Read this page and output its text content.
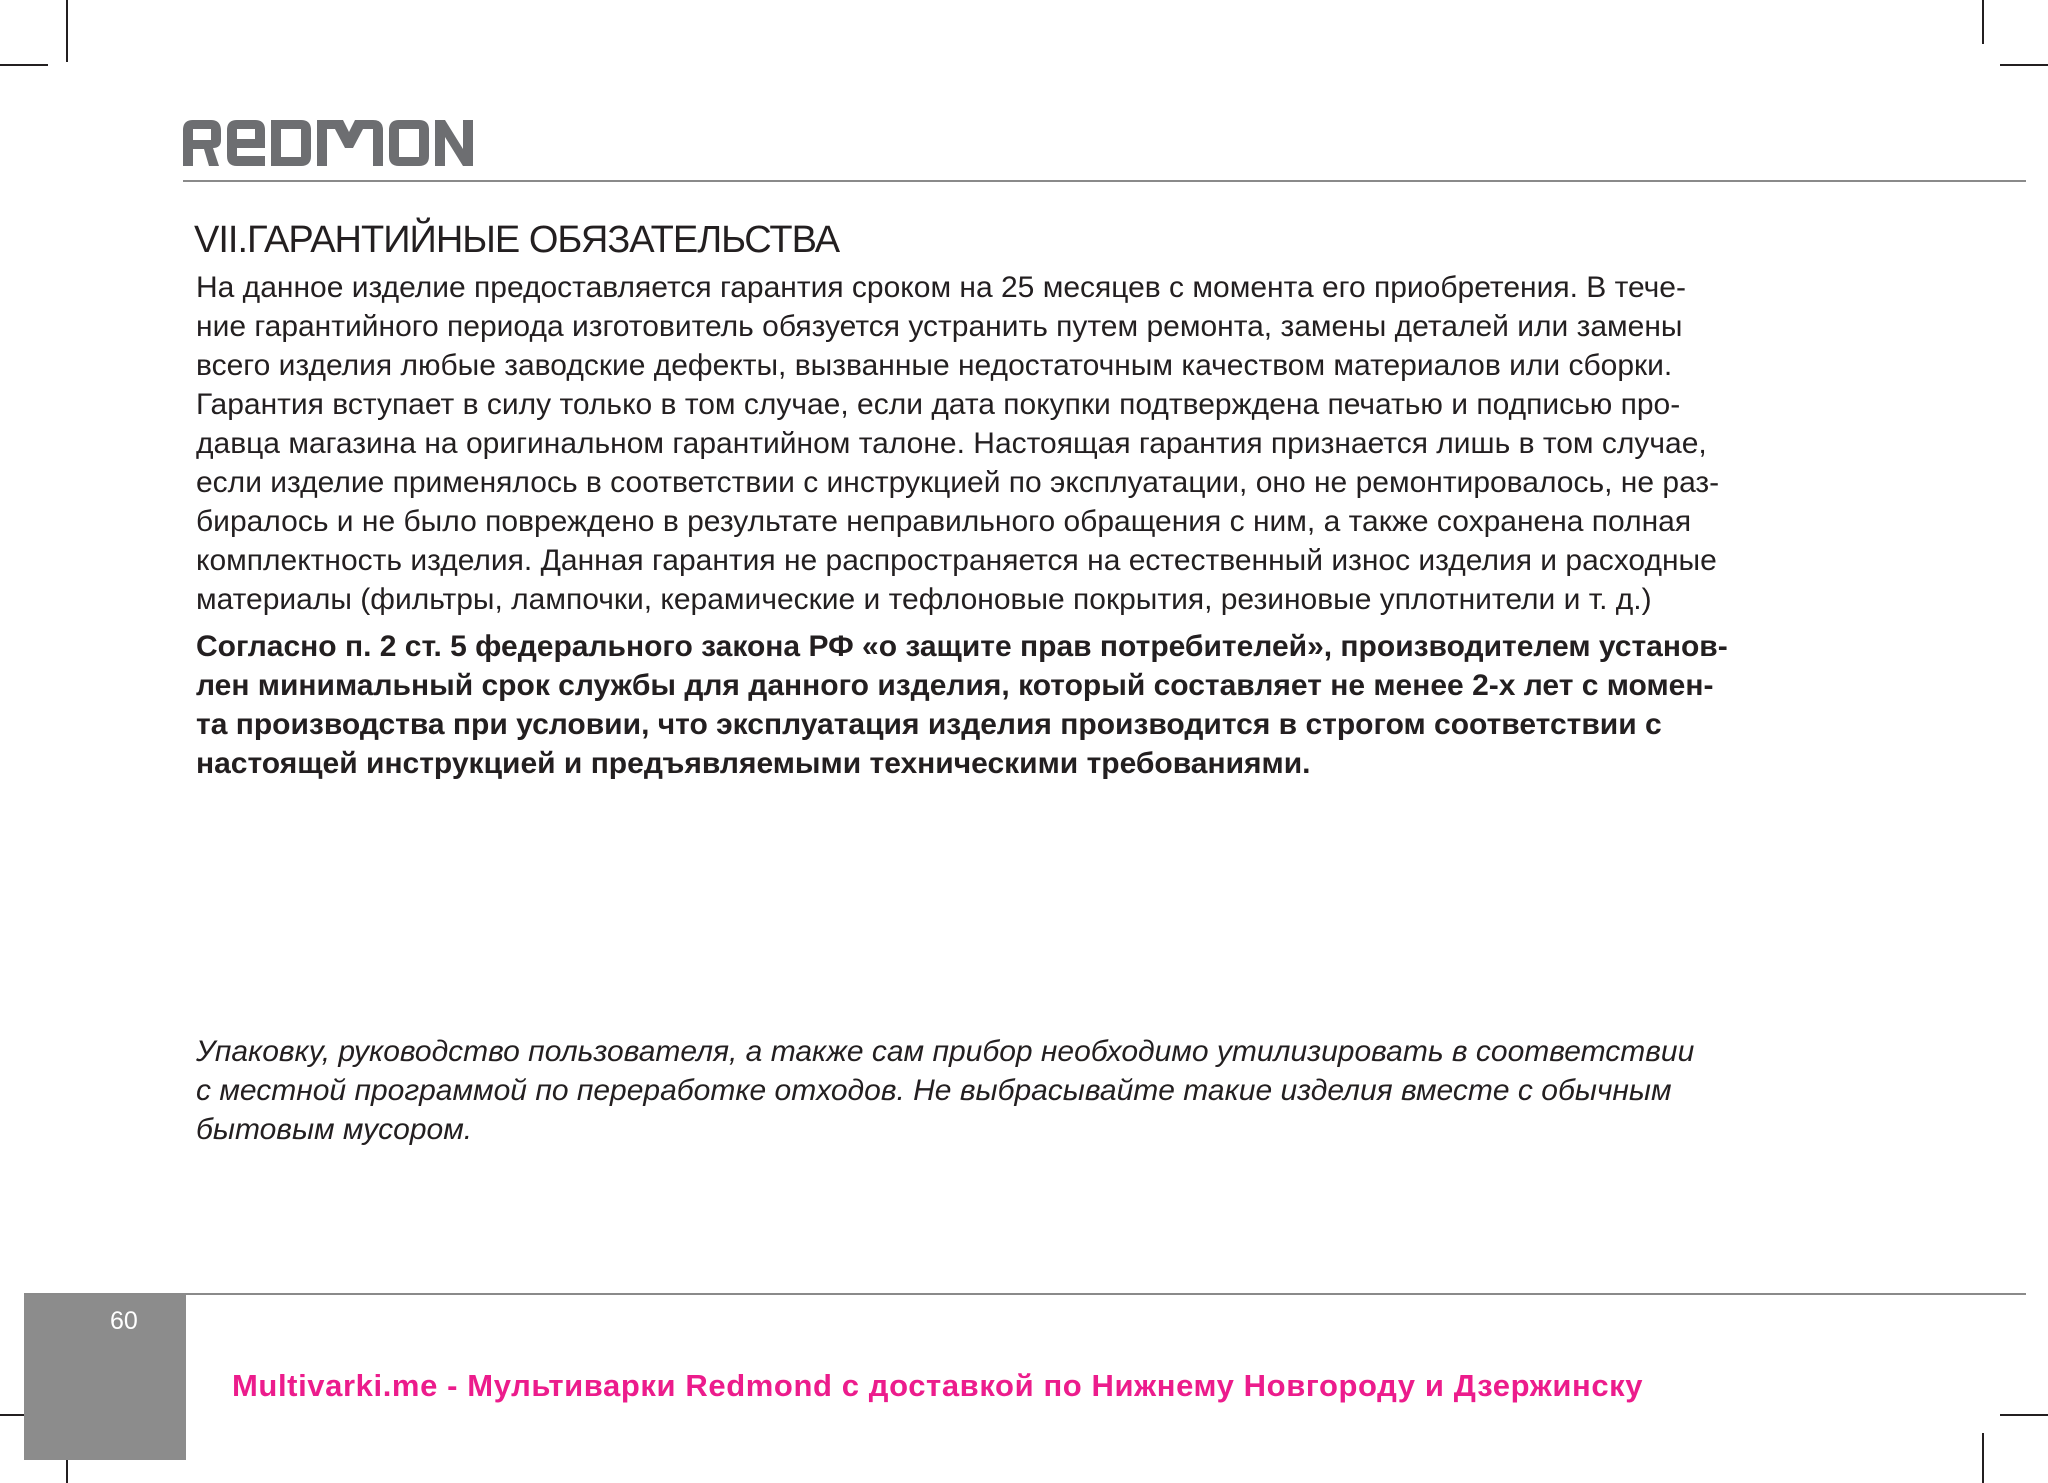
VII.ГАРАНТИЙНЫЕ ОБЯЗАТЕЛЬСТВА
На данное изделие предоставляется гарантия сроком на 25 месяцев с момента его приобретения. В тече-
ние гарантийного периода изготовитель обязуется устранить путем ремонта, замены деталей или замены
всего изделия любые заводские дефекты, вызванные недостаточным качеством материалов или сборки.
Гарантия вступает в силу только в том случае, если дата покупки подтверждена печатью и подписью про-
давца магазина на оригинальном гарантийном талоне. Настоящая гарантия признается лишь в том случае,
если изделие применялось в соответствии с инструкцией по эксплуатации, оно не ремонтировалось, не раз-
биралось и не было повреждено в результате неправильного обращения с ним, а также сохранена полная
комплектность изделия. Данная гарантия не распространяется на естественный износ изделия и расходные
материалы (фильтры, лампочки, керамические и тефлоновые покрытия, резиновые уплотнители и т. д.)
Согласно п. 2 ст. 5 федерального закона РФ «о защите прав потребителей», производителем установ-
лен минимальный срок службы для данного изделия, который составляет не менее 2-х лет с момен-
та производства при условии, что эксплуатация изделия производится в строгом соответствии с
настоящей инструкцией и предъявляемыми техническими требованиями.
Упаковку, руководство пользователя, а также сам прибор необходимо утилизировать в соответствии
с местной программой по переработке отходов. Не выбрасывайте такие изделия вместе с обычным
бытовым мусором.
60

Multivarki.me - Мультиварки Redmond с доставкой по Нижнему Новгороду и Дзержинску
